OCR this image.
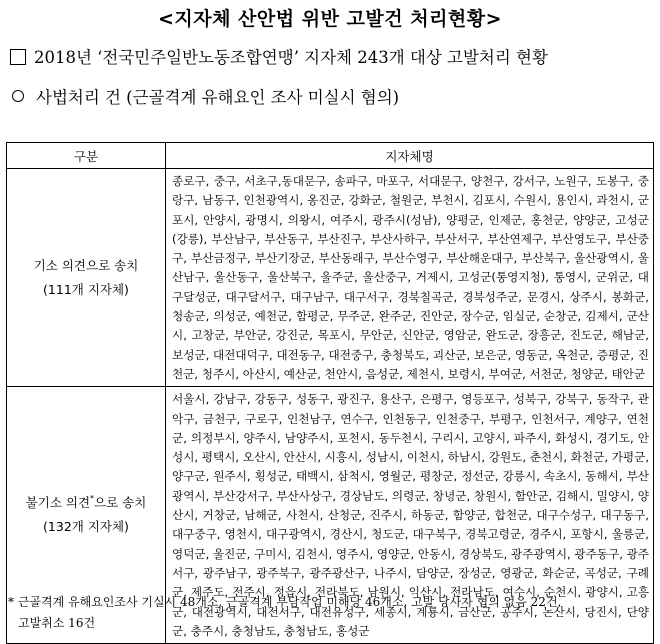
<지자체 산안법 위반 고발건 처리현황>
2018년 ‘전국민주일반노동조합연맹’ 지자체 243개 대상 고발처리 현황
사법처리 건 (근골격계 유해요인 조사 미실시 혐의)
구분	지자체명

기소 의견으로 송치
(111개 지자체)	종로구, 중구, 서초구,동대문구, 송파구, 마포구, 서대문구, 양천구, 강서구, 노원구, 도봉구, 중랑구, 남동구, 인천광역시, 옹진군, 강화군, 철원군, 부천시, 김포시, 수원시, 용인시, 과천시, 군포시, 안양시, 광명시, 의왕시, 여주시, 광주시(성남), 양평군, 인제군, 홍천군, 양양군, 고성군(강릉), 부산남구, 부산동구, 부산진구, 부산사하구, 부산서구, 부산연제구, 부산영도구, 부산중구, 부산금정구, 부산기장군, 부산동래구, 부산수영구, 부산해운대구, 부산북구, 울산광역시, 울산남구, 울산동구, 울산북구, 울주군, 울산중구, 거제시, 고성군(통영지청), 통영시, 군위군, 대구달성군, 대구달서구, 대구남구, 대구서구, 경북칠곡군, 경북성주군, 문경시, 상주시, 봉화군, 청송군, 의성군, 예천군, 함평군, 무주군, 완주군, 진안군, 장수군, 임실군, 순창군, 김제시, 군산시, 고창군, 부안군, 강진군, 목포시, 무안군, 신안군, 영암군, 완도군, 장흥군, 진도군, 해남군, 보성군, 대전대덕구, 대전동구, 대전중구, 충청북도, 괴산군, 보은군, 영동군, 옥천군, 증평군, 진천군, 청주시, 아산시, 예산군, 천안시, 음성군, 제천시, 보령시, 부여군, 서천군, 청양군, 태안군

불기소 의견*으로 송치
(132개 지자체)	서울시, 강남구, 강동구, 성동구, 광진구, 용산구, 은평구, 영등포구, 성북구, 강북구, 동작구, 관악구, 금천구, 구로구, 인천남구, 연수구, 인천동구, 인천중구, 부평구, 인천서구, 계양구, 연천군, 의정부시, 양주시, 남양주시, 포천시, 동두천시, 구리시, 고양시, 파주시, 화성시, 경기도, 안성시, 평택시, 오산시, 안산시, 시흥시, 성남시, 이천시, 하남시, 강원도, 춘천시, 화천군, 가평군, 양구군, 원주시, 횡성군, 태백시, 삼척시, 영월군, 평창군, 정선군, 강릉시, 속초시, 동해시, 부산광역시, 부산강서구, 부산사상구, 경상남도, 의령군, 창녕군, 창원시, 함안군, 김해시, 밀양시, 양산시, 거창군, 남해군, 사천시, 산청군, 진주시, 하동군, 함양군, 합천군, 대구수성구, 대구동구, 대구중구, 영천시, 대구광역시, 경산시, 청도군, 대구북구, 경북고령군, 경주시, 포항시, 울릉군, 영덕군, 울진군, 구미시, 김천시, 영주시, 영양군, 안동시, 경상북도, 광주광역시, 광주동구, 광주서구, 광주남구, 광주북구, 광주광산구, 나주시, 담양군, 장성군, 영광군, 화순군, 곡성군, 구례군, 제주도, 전주시, 정읍시, 전라북도, 남원시, 익산시, 전라남도, 여수시, 순천시, 광양시, 고흥군, 대전광역시, 대전서구, 대전유성구, 세종시, 계룡시, 금산군, 공주시, 논산시, 당진시, 단양군, 충주시, 충청남도, 충청남도, 홍성군
* 근골격계 유해요인조사 기실시 48개소, 근골격계 부담작업 미해당 46개소, 고발 당사자 협의 없음 22건,
고발취소 16건
